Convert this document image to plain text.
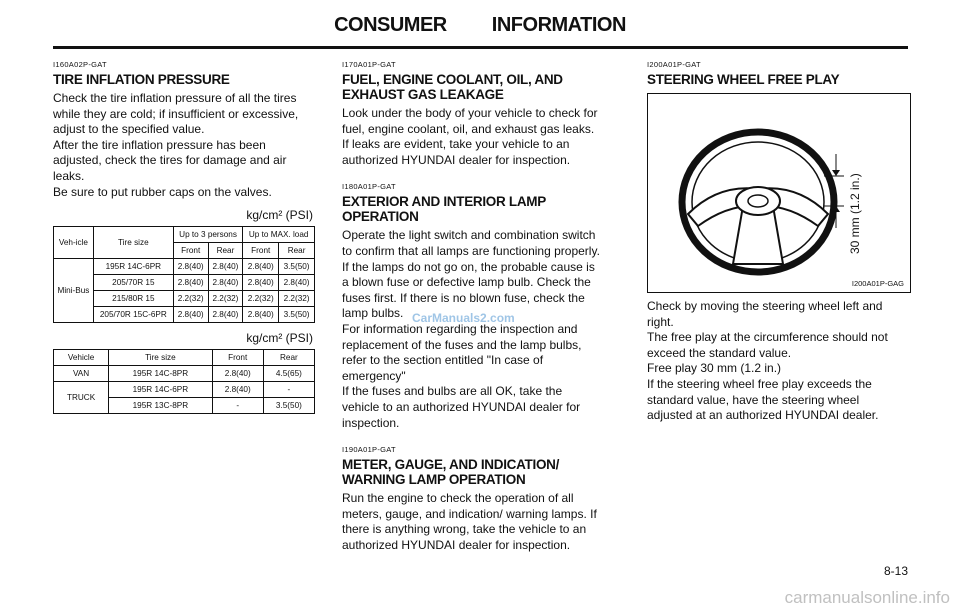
CONSUMER INFORMATION
I160A02P-GAT
TIRE INFLATION PRESSURE

Check the tire inflation pressure of all the tires while they are cold; if insufficient or excessive, adjust to the specified value.

After the tire inflation pressure has been adjusted, check the tires for damage and air leaks.

Be sure to put rubber caps on the valves.

kg/cm² (PSI)
Veh-icle	Tire size	Up to 3 persons		Up to MAX. load	
		Front	Rear	Front	Rear
Mini-Bus	195R 14C-6PR	2.8(40)	2.8(40)	2.8(40)	3.5(50)
	205/70R 15	2.8(40)	2.8(40)	2.8(40)	2.8(40)
	215/80R 15	2.2(32)	2.2(32)	2.2(32)	2.2(32)
	205/70R 15C-6PR	2.8(40)	2.8(40)	2.8(40)	3.5(50)
kg/cm² (PSI)
Vehicle	Tire size	Front	Rear
VAN	195R 14C-8PR	2.8(40)	4.5(65)
TRUCK	195R 14C-6PR	2.8(40)	-
	195R 13C-8PR	-	3.5(50)
I170A01P-GAT
FUEL, ENGINE COOLANT, OIL, AND EXHAUST GAS LEAKAGE

Look under the body of your vehicle to check for fuel, engine coolant, oil, and exhaust gas leaks.

If leaks are evident, take your vehicle to an authorized HYUNDAI dealer for inspection.

I180A01P-GAT
EXTERIOR AND INTERIOR LAMP OPERATION

Operate the light switch and combination switch to confirm that all lamps are functioning properly.

If the lamps do not go on, the probable cause is a blown fuse or defective lamp bulb. Check the fuses first. If there is no blown fuse, check the lamp bulbs.

For information regarding the inspection and replacement of the fuses and the lamp bulbs, refer to the section entitled "In case of emergency"

If the fuses and bulbs are all OK, take the vehicle to an authorized HYUNDAI dealer for inspection.

I190A01P-GAT
METER, GAUGE, AND INDICATION/ WARNING LAMP OPERATION

Run the engine to check the operation of all meters, gauge, and indication/ warning lamps. If there is anything wrong, take the vehicle to an authorized HYUNDAI dealer for inspection.

I200A01P-GAT
STEERING WHEEL FREE PLAY
30 mm (1.2 in.)
I200A01P-GAG

Check by moving the steering wheel left and right.

The free play at the circumference should not exceed the standard value.

Free play 30 mm (1.2 in.)

If the steering wheel free play exceeds the standard value, have the steering wheel adjusted at an authorized HYUNDAI dealer.

CarManuals2.com
8-13
carmanualsonline.info
